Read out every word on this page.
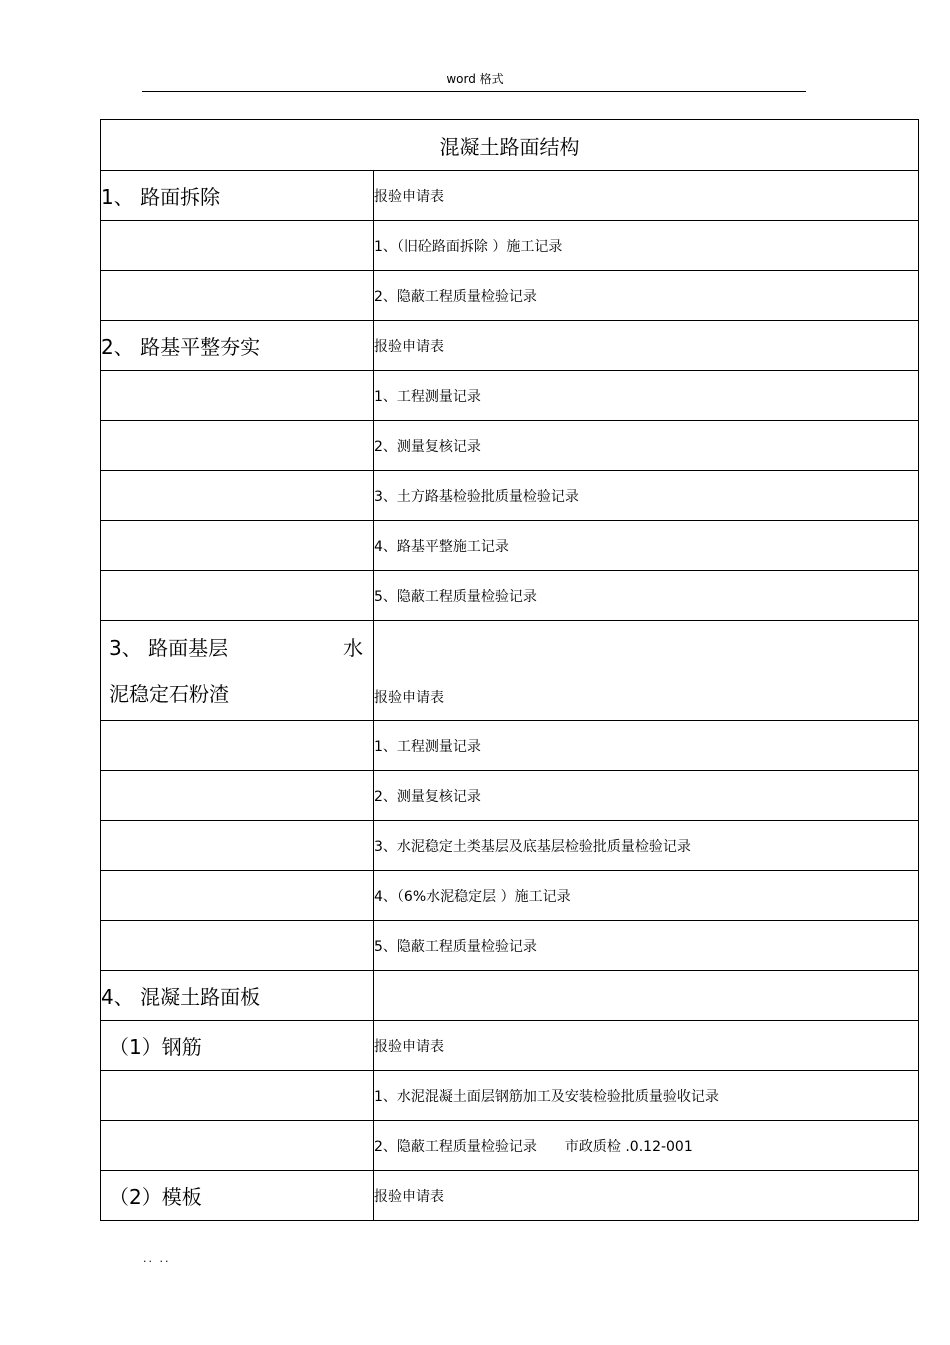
word 格式
混凝土路面结构	
1、 路面拆除	报验申请表
	1、（旧砼路面拆除 ）施工记录
	2、隐蔽工程质量检验记录
2、 路基平整夯实	报验申请表
	1、工程测量记录
	2、测量复核记录
	3、土方路基检验批质量检验记录
	4、路基平整施工记录
	5、隐蔽工程质量检验记录

3、 路面基层 水
泥稳定石粉渣	报验申请表
	1、工程测量记录
	2、测量复核记录
	3、水泥稳定土类基层及底基层检验批质量检验记录
	4、（6%水泥稳定层 ）施工记录
	5、隐蔽工程质量检验记录
4、 混凝土路面板	
（1）钢筋	报验申请表
	1、水泥混凝土面层钢筋加工及安装检验批质量验收记录
	2、隐蔽工程质量检验记录　　市政质检 .0.12-001
（2）模板	报验申请表
.. ..
